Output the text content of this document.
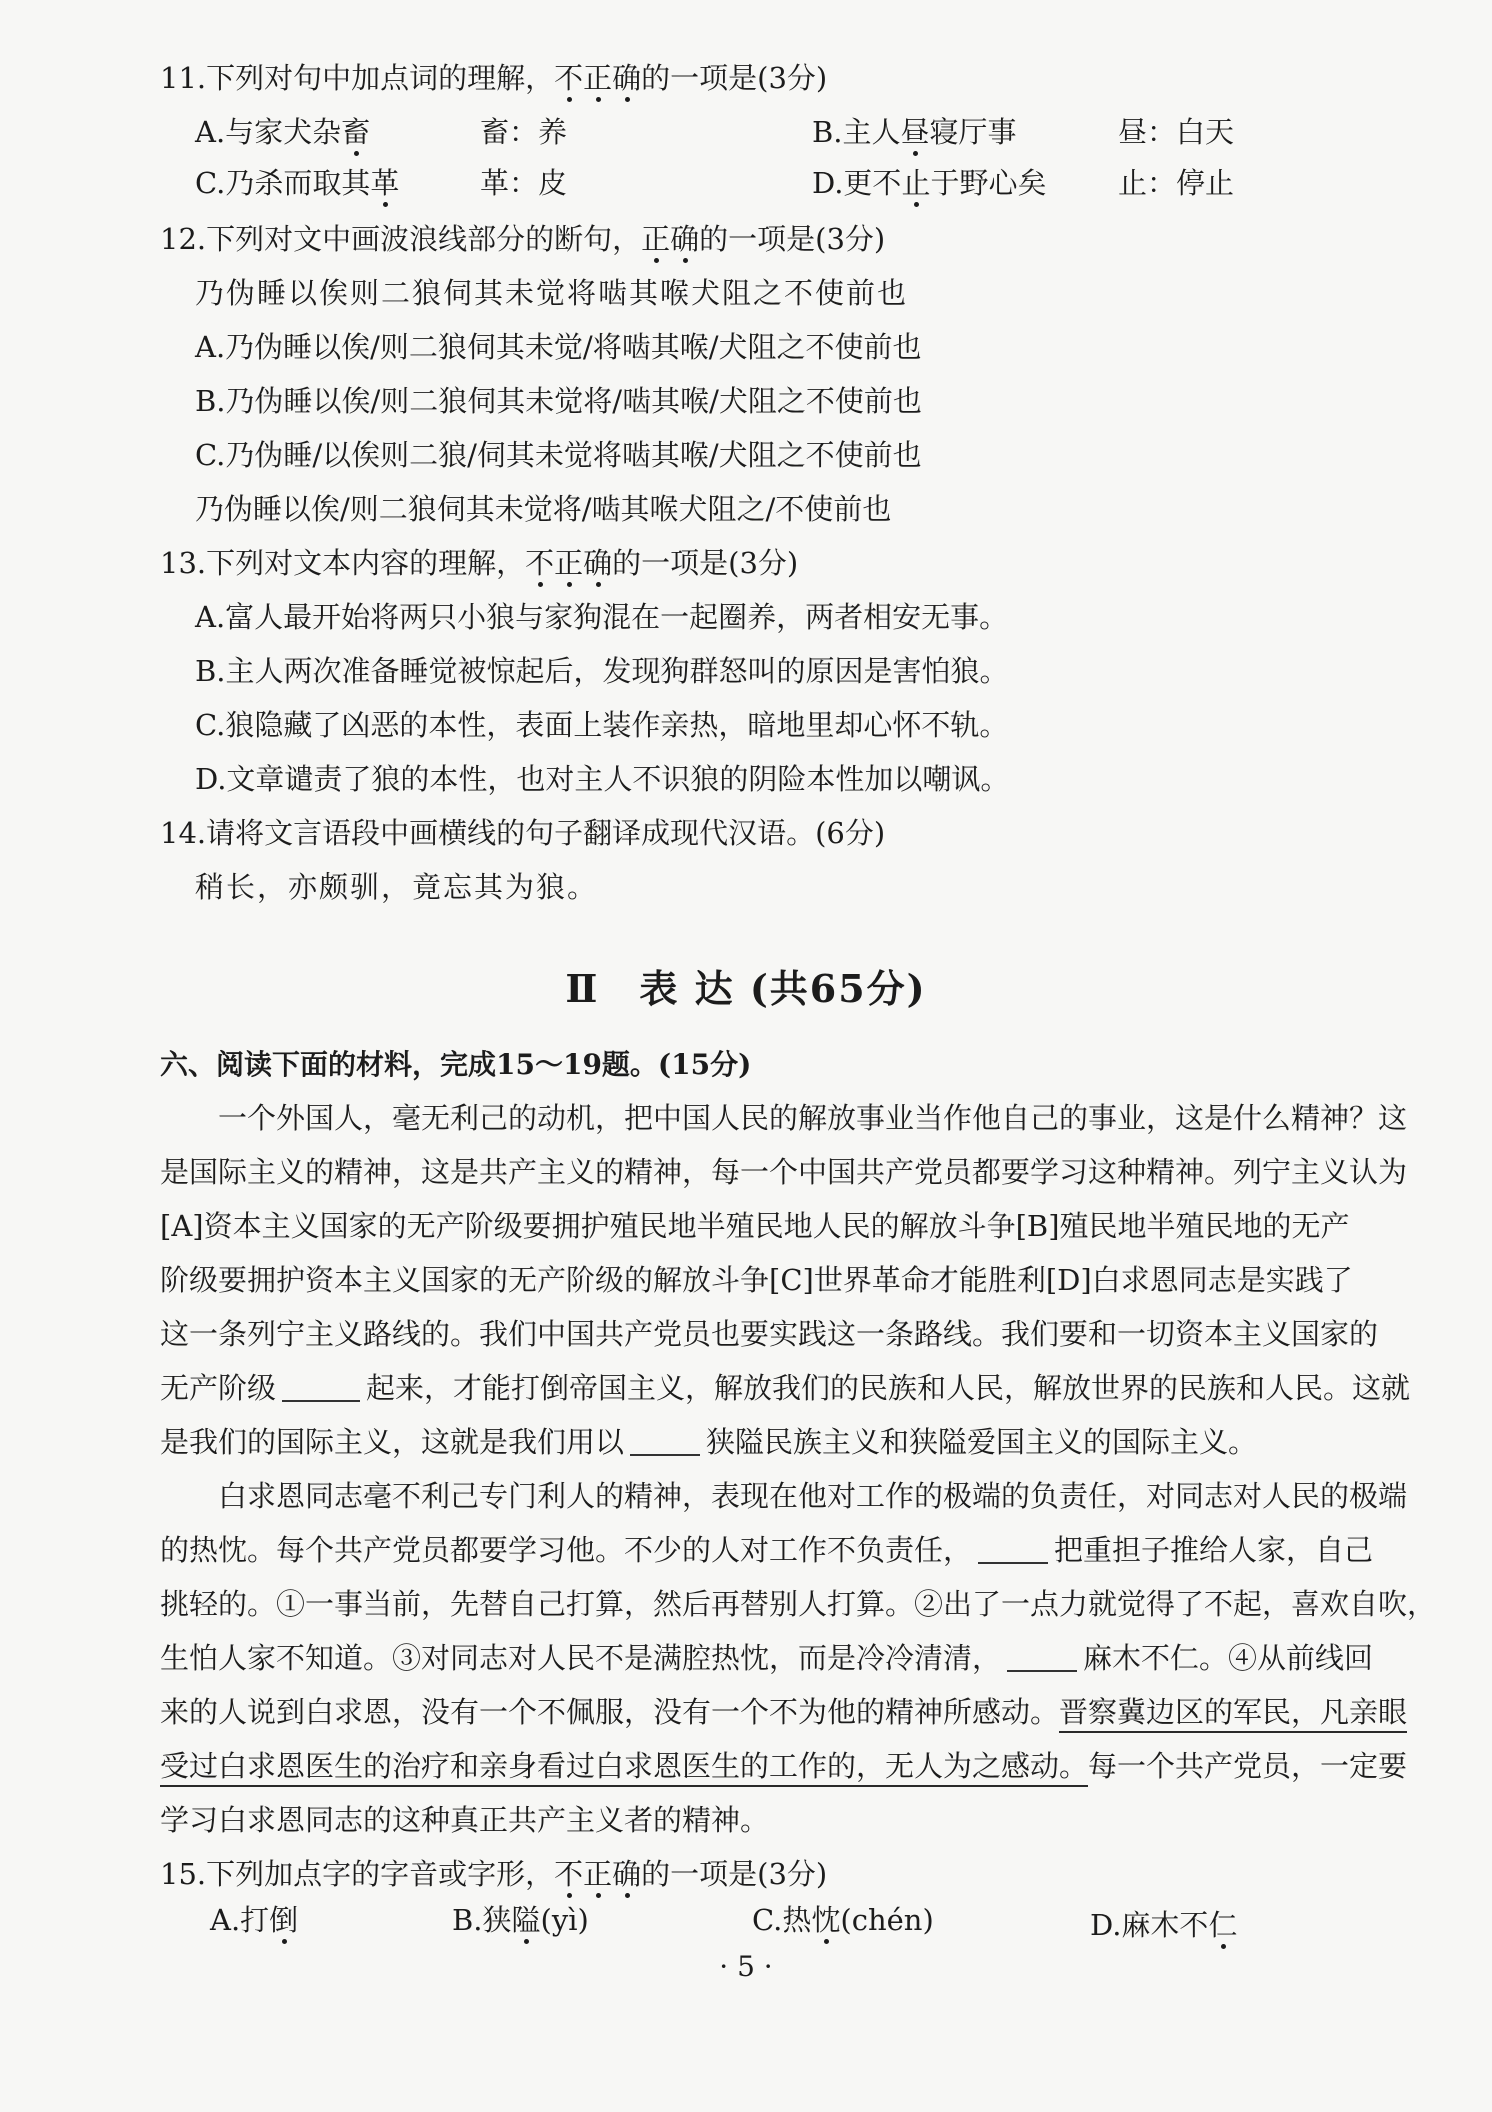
11.下列对句中加点词的理解，不正确的一项是(3分)
A.与家犬杂畜	畜：养	B.主人昼寝厅事	昼：白天
C.乃杀而取其革	革：皮	D.更不止于野心矣 止：停止
12.下列对文中画波浪线部分的断句，正确的一项是(3分)
乃伪睡以俟则二狼伺其未觉将啮其喉犬阻之不使前也
A.乃伪睡以俟/则二狼伺其未觉/将啮其喉/犬阻之不使前也
B.乃伪睡以俟/则二狼伺其未觉将/啮其喉/犬阻之不使前也
C.乃伪睡/以俟则二狼/伺其未觉将啮其喉/犬阻之不使前也
乃伪睡以俟/则二狼伺其未觉将/啮其喉犬阻之/不使前也
13.下列对文本内容的理解，不正确的一项是(3分)
A.富人最开始将两只小狼与家狗混在一起圈养，两者相安无事。
B.主人两次准备睡觉被惊起后，发现狗群怒叫的原因是害怕狼。
C.狼隐藏了凶恶的本性，表面上装作亲热，暗地里却心怀不轨。
D.文章谴责了狼的本性，也对主人不识狼的阴险本性加以嘲讽。
14.请将文言语段中画横线的句子翻译成现代汉语。(6分)
稍长，亦颇驯，竟忘其为狼。
Ⅱ　表 达 (共65分)
六、阅读下面的材料，完成15～19题。(15分)
一个外国人，毫无利己的动机，把中国人民的解放事业当作他自己的事业，这是什么精神？这
是国际主义的精神，这是共产主义的精神，每一个中国共产党员都要学习这种精神。列宁主义认为
[A]资本主义国家的无产阶级要拥护殖民地半殖民地人民的解放斗争[B]殖民地半殖民地的无产
阶级要拥护资本主义国家的无产阶级的解放斗争[C]世界革命才能胜利[D]白求恩同志是实践了
这一条列宁主义路线的。我们中国共产党员也要实践这一条路线。我们要和一切资本主义国家的
无产阶级	起来，才能打倒帝国主义，解放我们的民族和人民，解放世界的民族和人民。这就
是我们的国际主义，这就是我们用以	狭隘民族主义和狭隘爱国主义的国际主义。
白求恩同志毫不利己专门利人的精神，表现在他对工作的极端的负责任，对同志对人民的极端
的热忱。每个共产党员都要学习他。不少的人对工作不负责任，	把重担子推给人家，自己
挑轻的。①一事当前，先替自己打算，然后再替别人打算。②出了一点力就觉得了不起，喜欢自吹，
生怕人家不知道。③对同志对人民不是满腔热忱，而是冷冷清清，	麻木不仁。④从前线回
来的人说到白求恩，没有一个不佩服，没有一个不为他的精神所感动。晋察冀边区的军民，凡亲眼
受过白求恩医生的治疗和亲身看过白求恩医生的工作的，无人为之感动。每一个共产党员，一定要
学习白求恩同志的这种真正共产主义者的精神。
15.下列加点字的字音或字形，不正确的一项是(3分)
A.打倒	B.狭隘(yì)	C.热忱(chén)	D.麻木不仁
· 5 ·
